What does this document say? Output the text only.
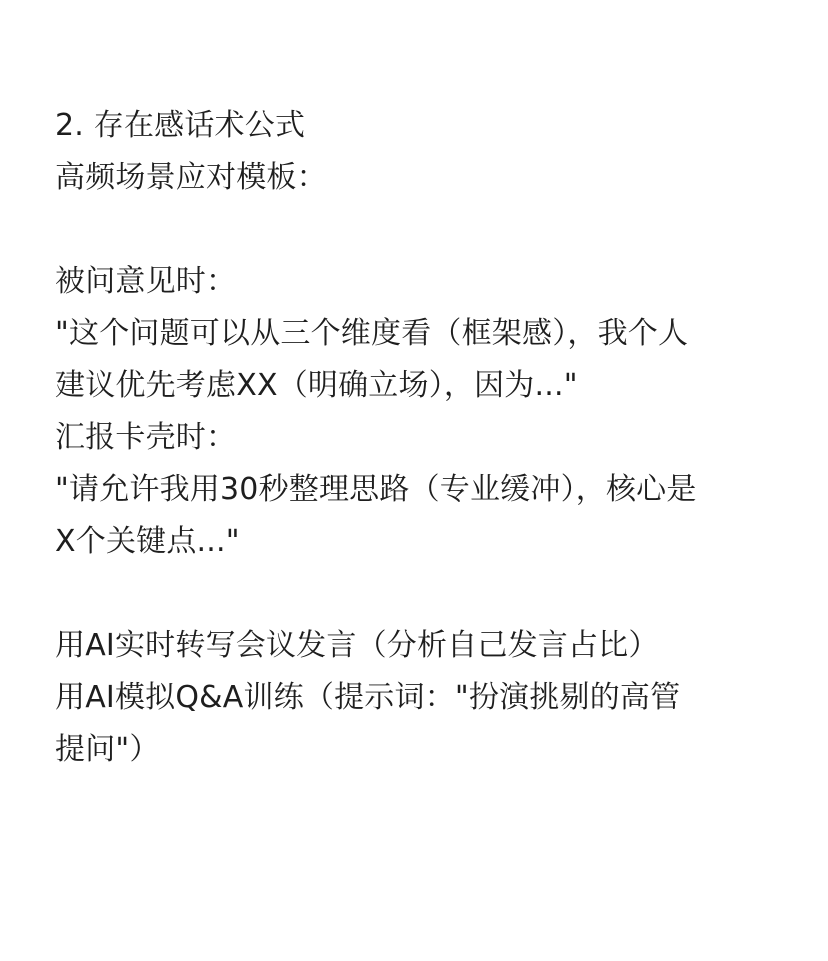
2. 存在感话术公式
高频场景应对模板：
被问意见时：
"这个问题可以从三个维度看（框架感），我个人
建议优先考虑XX（明确立场），因为..."
汇报卡壳时：
"请允许我用30秒整理思路（专业缓冲），核心是
X个关键点..."
用AI实时转写会议发言（分析自己发言占比）
用AI模拟Q&A训练（提示词："扮演挑剔的高管
提问"）
